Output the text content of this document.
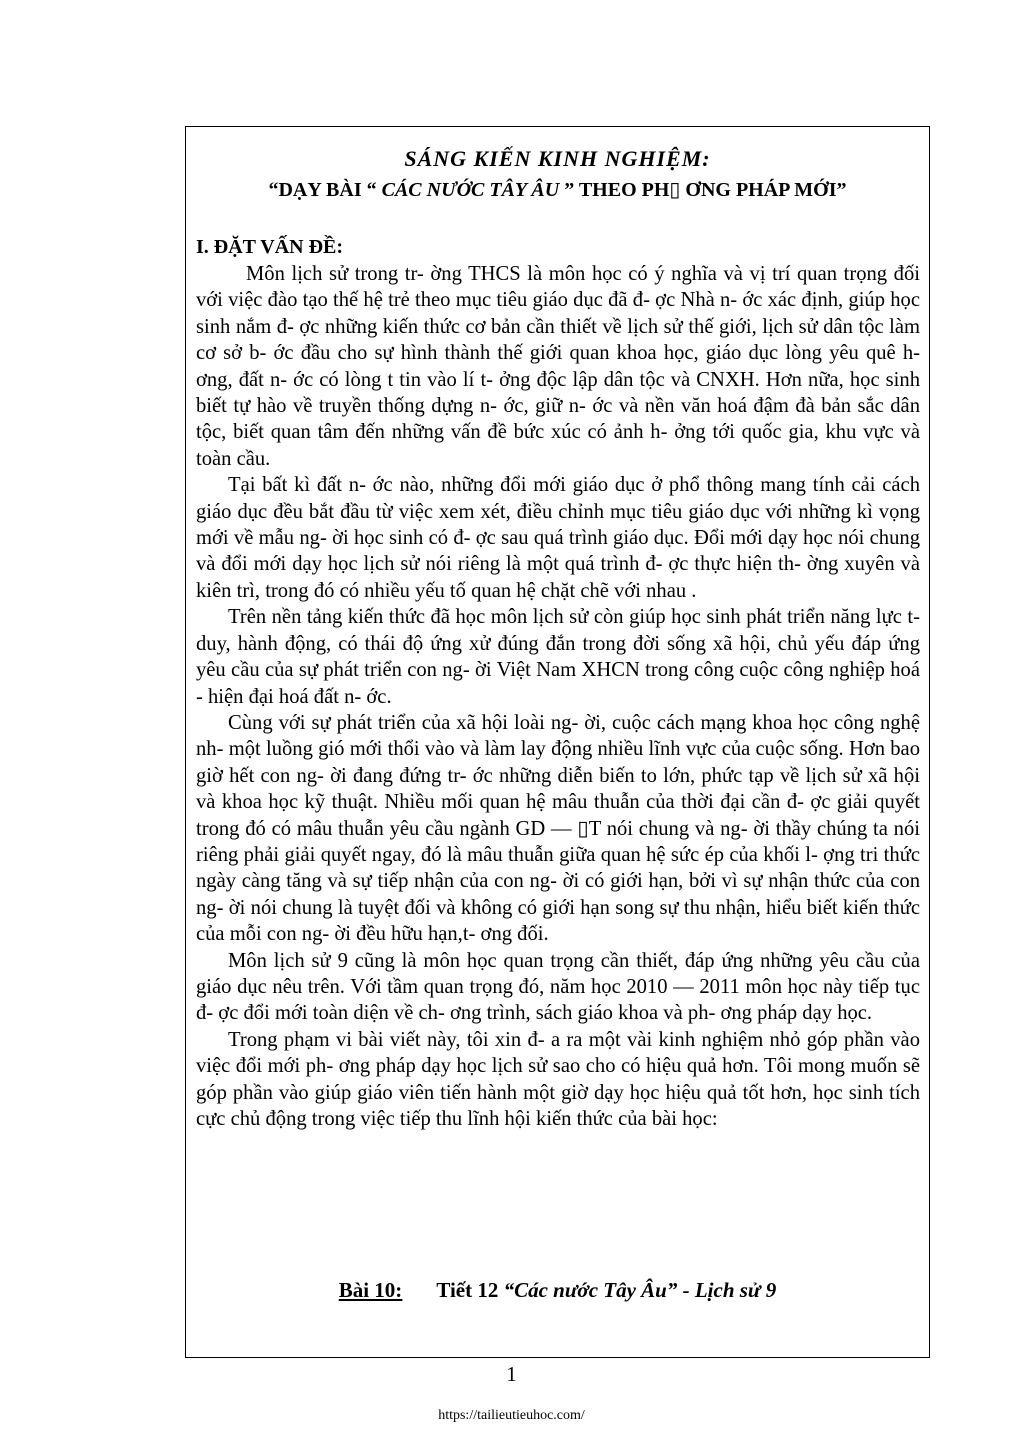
SÁNG KIẾN KINH NGHIỆM:
“DẠY BÀI “ CÁC NƯỚC TÂY ÂU ” THEO PH▯ ƠNG PHÁP MỚI”
I. ĐẶT VẤN ĐỀ:

Môn lịch sử trong tr- ờng THCS là môn học có ý nghĩa và vị trí quan trọng đối với việc đào tạo thế hệ trẻ theo mục tiêu giáo dục đã đ- ợc Nhà n- ớc xác định, giúp học sinh nắm đ- ợc những kiến thức cơ bản cần thiết về lịch sử thế giới, lịch sử dân tộc làm cơ sở b- ớc đầu cho sự hình thành thế giới quan khoa học, giáo dục lòng yêu quê h- ơng, đất n- ớc có lòng t tin vào lí t- ởng độc lập dân tộc và CNXH. Hơn nữa, học sinh biết tự hào về truyền thống dựng n- ớc, giữ n- ớc và nền văn hoá đậm đà bản sắc dân tộc, biết quan tâm đến những vấn đề bức xúc có ảnh h- ởng tới quốc gia, khu vực và toàn cầu.

Tại bất kì đất n- ớc nào, những đổi mới giáo dục ở phổ thông mang tính cải cách giáo dục đều bắt đầu từ việc xem xét, điều chỉnh mục tiêu giáo dục với những kì vọng mới về mẫu ng- ời học sinh có đ- ợc sau quá trình giáo dục. Đổi mới dạy học nói chung và đổi mới dạy học lịch sử nói riêng là một quá trình đ- ợc thực hiện th- ờng xuyên và kiên trì, trong đó có nhiều yếu tố quan hệ chặt chẽ với nhau .

Trên nền tảng kiến thức đã học môn lịch sử còn giúp học sinh phát triển năng lực t- duy, hành động, có thái độ ứng xử đúng đắn trong đời sống xã hội, chủ yếu đáp ứng yêu cầu của sự phát triển con ng- ời Việt Nam XHCN trong công cuộc công nghiệp hoá - hiện đại hoá đất n- ớc.

Cùng với sự phát triển của xã hội loài ng- ời, cuộc cách mạng khoa học công nghệ nh- một luồng gió mới thổi vào và làm lay động nhiều lĩnh vực của cuộc sống. Hơn bao giờ hết con ng- ời đang đứng tr- ớc những diễn biến to lớn, phức tạp về lịch sử xã hội và khoa học kỹ thuật. Nhiều mối quan hệ mâu thuẫn của thời đại cần đ- ợc giải quyết trong đó có mâu thuẫn yêu cầu ngành GD — ▯T nói chung và ng- ời thầy chúng ta nói riêng phải giải quyết ngay, đó là mâu thuẫn giữa quan hệ sức ép của khối l- ợng tri thức ngày càng tăng và sự tiếp nhận của con ng- ời có giới hạn, bởi vì sự nhận thức của con ng- ời nói chung là tuyệt đối và không có giới hạn song sự thu nhận, hiểu biết kiến thức của mỗi con ng- ời đều hữu hạn,t- ơng đối.

Môn lịch sử 9 cũng là môn học quan trọng cần thiết, đáp ứng những yêu cầu của giáo dục nêu trên. Với tầm quan trọng đó, năm học 2010 — 2011 môn học này tiếp tục đ- ợc đổi mới toàn diện về ch- ơng trình, sách giáo khoa và ph- ơng pháp dạy học.

Trong phạm vi bài viết này, tôi xin đ- a ra một vài kinh nghiệm nhỏ góp phần vào việc đổi mới ph- ơng pháp dạy học lịch sử sao cho có hiệu quả hơn. Tôi mong muốn sẽ góp phần vào giúp giáo viên tiến hành một giờ dạy học hiệu quả tốt hơn, học sinh tích cực chủ động trong việc tiếp thu lĩnh hội kiến thức của bài học:

Bài 10: Tiết 12 “Các nước Tây Âu” - Lịch sử 9
1
https://tailieutieuhoc.com/
